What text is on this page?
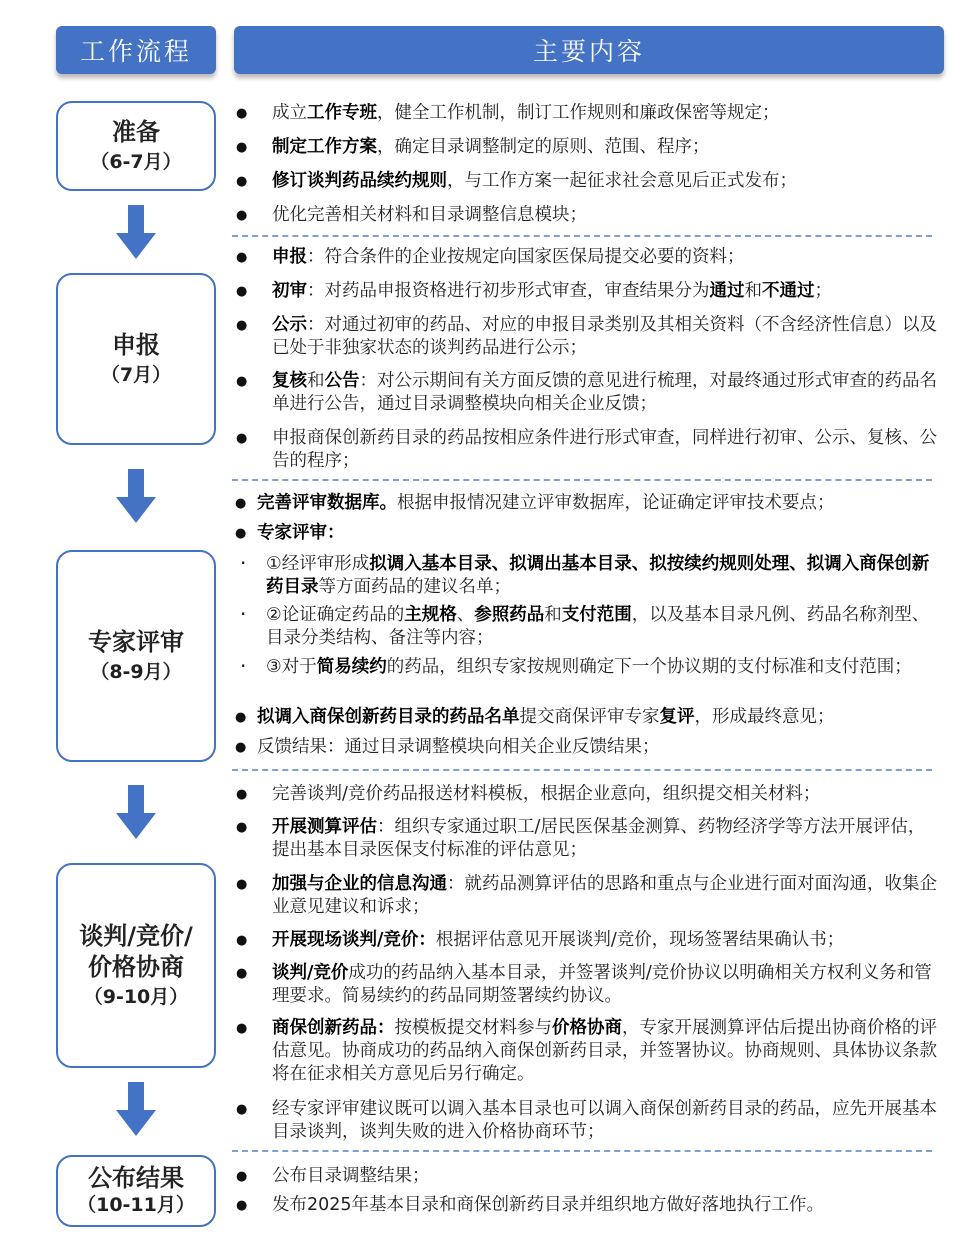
工作流程	主要内容
准备
（6-7月）
申报
（7月）
专家评审
（8-9月）
谈判/竞价/价格协商
（9-10月）
公布结果
（10-11月）
● 成立工作专班，健全工作机制，制订工作规则和廉政保密等规定；
● 制定工作方案，确定目录调整制定的原则、范围、程序；
● 修订谈判药品续约规则，与工作方案一起征求社会意见后正式发布；
● 优化完善相关材料和目录调整信息模块；
● 申报：符合条件的企业按规定向国家医保局提交必要的资料；
● 初审：对药品申报资格进行初步形式审查，审查结果分为通过和不通过；
● 公示：对通过初审的药品、对应的申报目录类别及其相关资料（不含经济性信息）以及已处于非独家状态的谈判药品进行公示；
● 复核和公告：对公示期间有关方面反馈的意见进行梳理，对最终通过形式审查的药品名单进行公告，通过目录调整模块向相关企业反馈；
● 申报商保创新药目录的药品按相应条件进行形式审查，同样进行初审、公示、复核、公告的程序；
● 完善评审数据库。根据申报情况建立评审数据库，论证确定评审技术要点；
● 专家评审：
· ①经评审形成拟调入基本目录、拟调出基本目录、拟按续约规则处理、拟调入商保创新药目录等方面药品的建议名单；
· ②论证确定药品的主规格、参照药品和支付范围，以及基本目录凡例、药品名称剂型、目录分类结构、备注等内容；
· ③对于简易续约的药品，组织专家按规则确定下一个协议期的支付标准和支付范围；
● 拟调入商保创新药目录的药品名单提交商保评审专家复评，形成最终意见；
● 反馈结果：通过目录调整模块向相关企业反馈结果；
● 完善谈判/竞价药品报送材料模板，根据企业意向，组织提交相关材料；
● 开展测算评估：组织专家通过职工/居民医保基金测算、药物经济学等方法开展评估，提出基本目录医保支付标准的评估意见；
● 加强与企业的信息沟通：就药品测算评估的思路和重点与企业进行面对面沟通，收集企业意见建议和诉求；
● 开展现场谈判/竞价：根据评估意见开展谈判/竞价，现场签署结果确认书；
● 谈判/竞价成功的药品纳入基本目录，并签署谈判/竞价协议以明确相关方权利义务和管理要求。简易续约的药品同期签署续约协议。
● 商保创新药品：按模板提交材料参与价格协商，专家开展测算评估后提出协商价格的评估意见。协商成功的药品纳入商保创新药目录，并签署协议。协商规则、具体协议条款将在征求相关方意见后另行确定。
● 经专家评审建议既可以调入基本目录也可以调入商保创新药目录的药品，应先开展基本目录谈判，谈判失败的进入价格协商环节；
● 公布目录调整结果；
● 发布2025年基本目录和商保创新药目录并组织地方做好落地执行工作。
